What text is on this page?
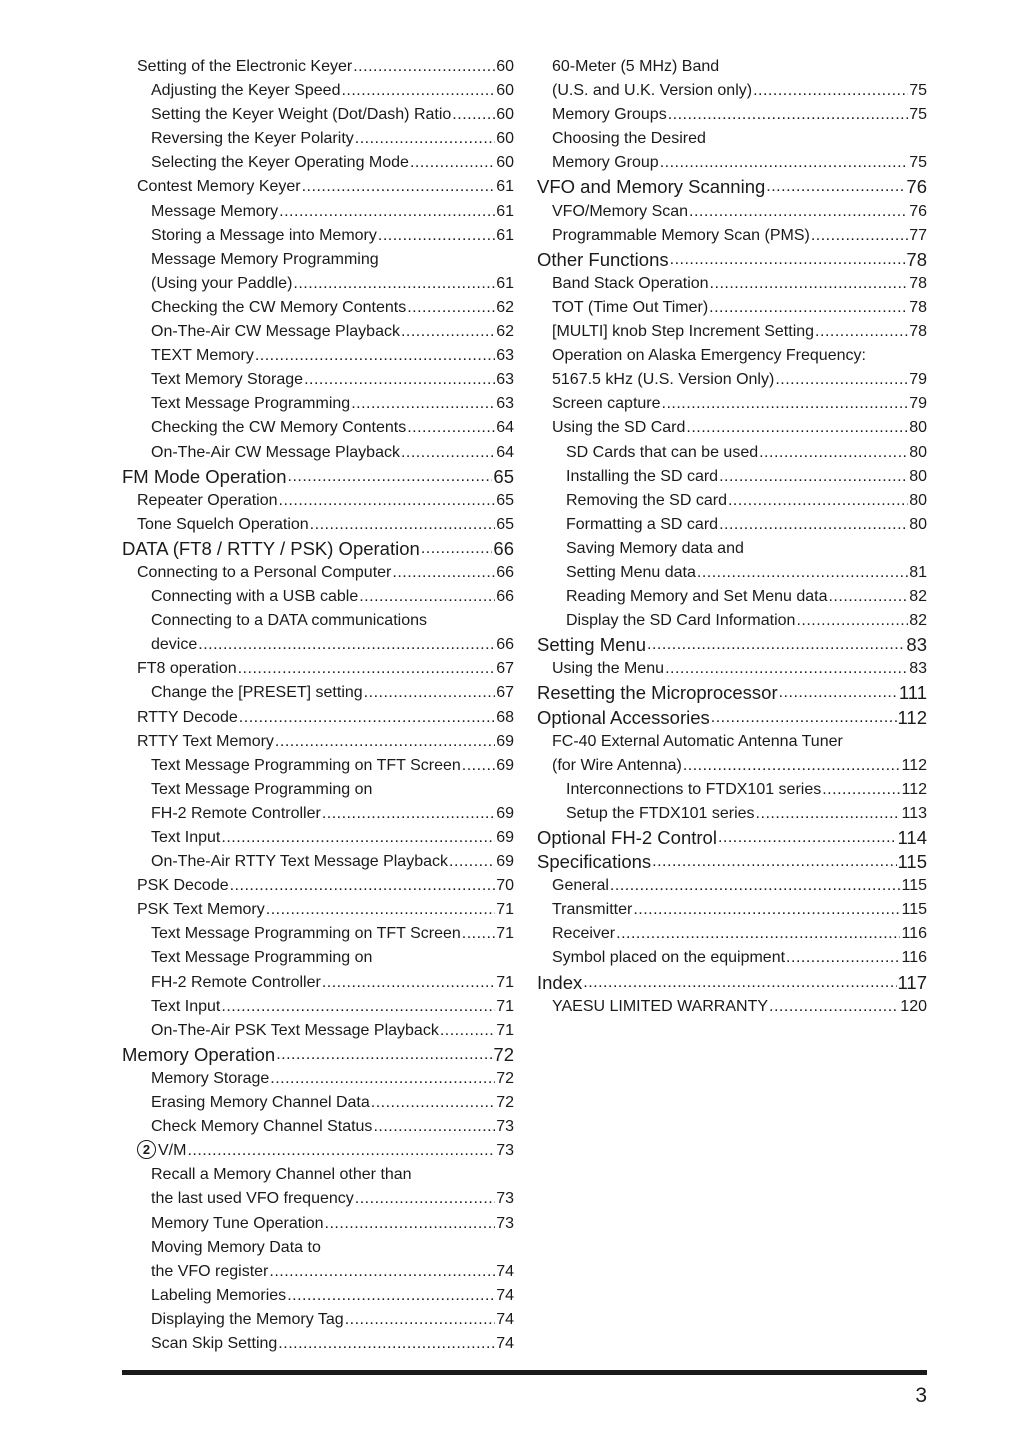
Setting of the Electronic Keyer .....	60
Adjusting the Keyer Speed .....	60
Setting the Keyer Weight (Dot/Dash) Ratio .....	60
Reversing the Keyer Polarity .....	60
Selecting the Keyer Operating Mode .....	60
Contest Memory Keyer .....	61
Message Memory .....	61
Storing a Message into Memory .....	61
Message Memory Programming
(Using your Paddle) .....	61
Checking the CW Memory Contents .....	62
On-The-Air CW Message Playback .....	62
TEXT Memory .....	63
Text Memory Storage .....	63
Text Message Programming .....	63
Checking the CW Memory Contents .....	64
On-The-Air CW Message Playback .....	64
FM Mode Operation .....	65
Repeater Operation .....	65
Tone Squelch Operation .....	65
DATA (FT8 / RTTY / PSK) Operation .....	66
Connecting to a Personal Computer .....	66
Connecting with a USB cable .....	66
Connecting to a DATA communications
device .....	66
FT8 operation .....	67
Change the [PRESET] setting .....	67
RTTY Decode .....	68
RTTY Text Memory .....	69
Text Message Programming on TFT Screen ..... 69
Text Message Programming on
FH-2 Remote Controller .....	69
Text Input .....	69
On-The-Air RTTY Text Message Playback .....	69
PSK Decode .....	70
PSK Text Memory .....	71
Text Message Programming on TFT Screen ..... 71
Text Message Programming on
FH-2 Remote Controller .....	71
Text Input .....	71
On-The-Air PSK Text Message Playback .....	71
Memory Operation .....	72
Memory Storage .....	72
Erasing Memory Channel Data .....	72
Check Memory Channel Status .....	73
2 V/M .....	73
Recall a Memory Channel other than
the last used VFO frequency .....	73
Memory Tune Operation .....	73
Moving Memory Data to
the VFO register .....	74
Labeling Memories .....	74
Displaying the Memory Tag .....	74
Scan Skip Setting .....	74
60-Meter (5 MHz) Band
(U.S. and U.K. Version only) .....	75
Memory Groups .....	75
Choosing the Desired
Memory Group .....	75
VFO and Memory Scanning .....	76
VFO/Memory Scan .....	76
Programmable Memory Scan (PMS) .....	77
Other Functions .....	78
Band Stack Operation .....	78
TOT (Time Out Timer) .....	78
[MULTI] knob Step Increment Setting .....	78
Operation on Alaska Emergency Frequency:
5167.5 kHz (U.S. Version Only) .....	79
Screen capture .....	79
Using the SD Card .....	80
SD Cards that can be used .....	80
Installing the SD card .....	80
Removing the SD card .....	80
Formatting a SD card .....	80
Saving Memory data and
Setting Menu data .....	81
Reading Memory and Set Menu data .....	82
Display the SD Card Information .....	82
Setting Menu .....	83
Using the Menu .....	83
Resetting the Microprocessor .....	111
Optional Accessories .....	112
FC-40 External Automatic Antenna Tuner
(for Wire Antenna) .....	112
Interconnections to FTDX101 series .....	112
Setup the FTDX101 series .....	113
Optional FH-2 Control .....	114
Specifications .....	115
General .....	115
Transmitter .....	115
Receiver .....	116
Symbol placed on the equipment .....	116
Index .....	117
YAESU LIMITED WARRANTY .....	120
3
